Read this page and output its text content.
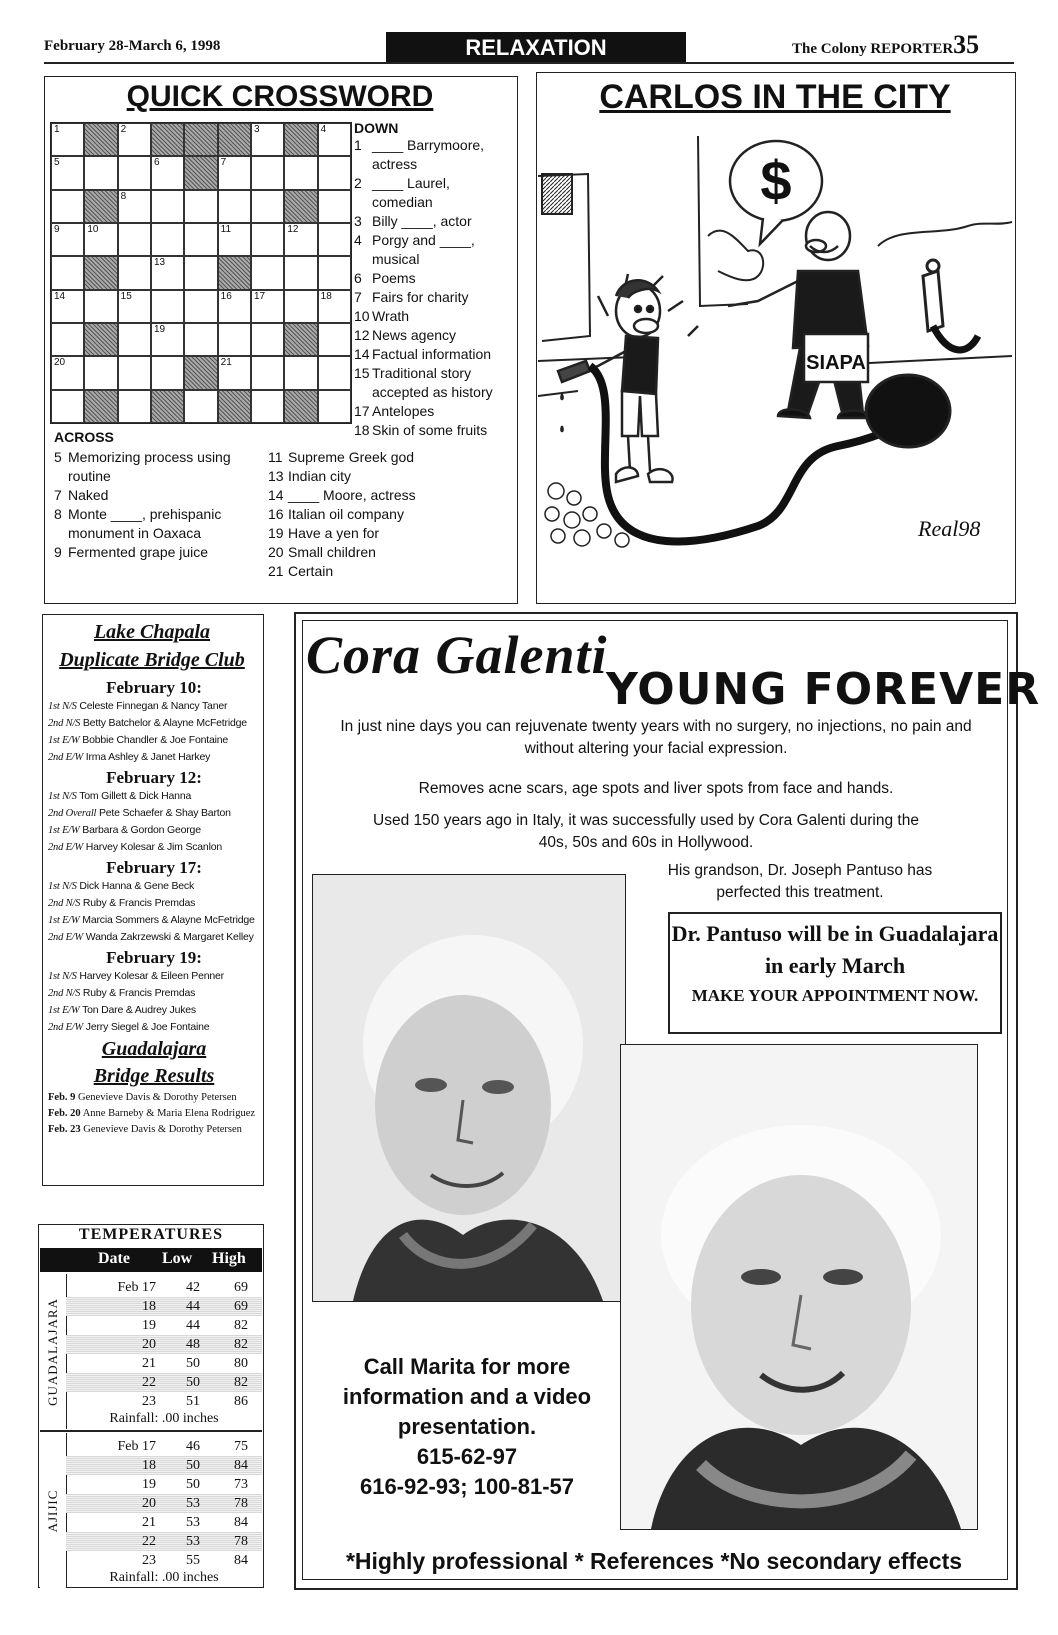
February 28-March 6, 1998	RELAXATION	The Colony REPORTER35
QUICK CROSSWORD
1	2	3	4
5	6	7
8
9	10	11	12
13
14	15	16 17	18
19
20	21
DOWN
1 ____ Barrymoore, actress
2 ____ Laurel, comedian
3 Billy ____, actor
4 Porgy and ____, musical
6 Poems
7 Fairs for charity
10 Wrath
12 News agency
14 Factual information
15 Traditional story accepted as history
17 Antelopes
18 Skin of some fruits
ACROSS
5 Memorizing process using routine
7 Naked
8 Monte ____, prehispanic monument in Oaxaca
9 Fermented grape juice
11 Supreme Greek god
13 Indian city
14 ____ Moore, actress
16 Italian oil company
19 Have a yen for
20 Small children
21 Certain
CARLOS IN THE CITY
$
SIAPA
Real98
Lake Chapala
Duplicate Bridge Club
February 10:
1st N/S Celeste Finnegan & Nancy Taner
2nd N/S Betty Batchelor & Alayne McFetridge
1st E/W Bobbie Chandler & Joe Fontaine
2nd E/W Irma Ashley & Janet Harkey
February 12:
1st N/S Tom Gillett & Dick Hanna
2nd Overall Pete Schaefer & Shay Barton
1st E/W Barbara & Gordon George
2nd E/W Harvey Kolesar & Jim Scanlon
February 17:
1st N/S Dick Hanna & Gene Beck
2nd N/S Ruby & Francis Premdas
1st E/W Marcia Sommers & Alayne McFetridge
2nd E/W Wanda Zakrzewski & Margaret Kelley
February 19:
1st N/S Harvey Kolesar & Eileen Penner
2nd N/S Ruby & Francis Premdas
1st E/W Ton Dare & Audrey Jukes
2nd E/W Jerry Siegel & Joe Fontaine
Guadalajara
Bridge Results
Feb. 9 Genevieve Davis & Dorothy Petersen
Feb. 20 Anne Barneby & Maria Elena Rodriguez
Feb. 23 Genevieve Davis & Dorothy Petersen
TEMPERATURES
Date Low High
GUADALAJARA
Feb 17 42 69
18 44 69
19 44 82
20 48 82
21 50 80
22 50 82
23 51 86
Rainfall: .00 inches
AJIJIC
Feb 17 46 75
18 50 84
19 50 73
20 53 78
21 53 84
22 53 78
23 55 84
Rainfall: .00 inches
Cora Galenti
YOUNG FOREVER
In just nine days you can rejuvenate twenty years with no surgery, no injections, no pain and without altering your facial expression.
Removes acne scars, age spots and liver spots from face and hands.
Used 150 years ago in Italy, it was successfully used by Cora Galenti during the 40s, 50s and 60s in Hollywood.
His grandson, Dr. Joseph Pantuso has perfected this treatment.
Dr. Pantuso will be in Guadalajara in early March
MAKE YOUR APPOINTMENT NOW.
Call Marita for more information and a video presentation.
615-62-97
616-92-93; 100-81-57
*Highly professional * References *No secondary effects
